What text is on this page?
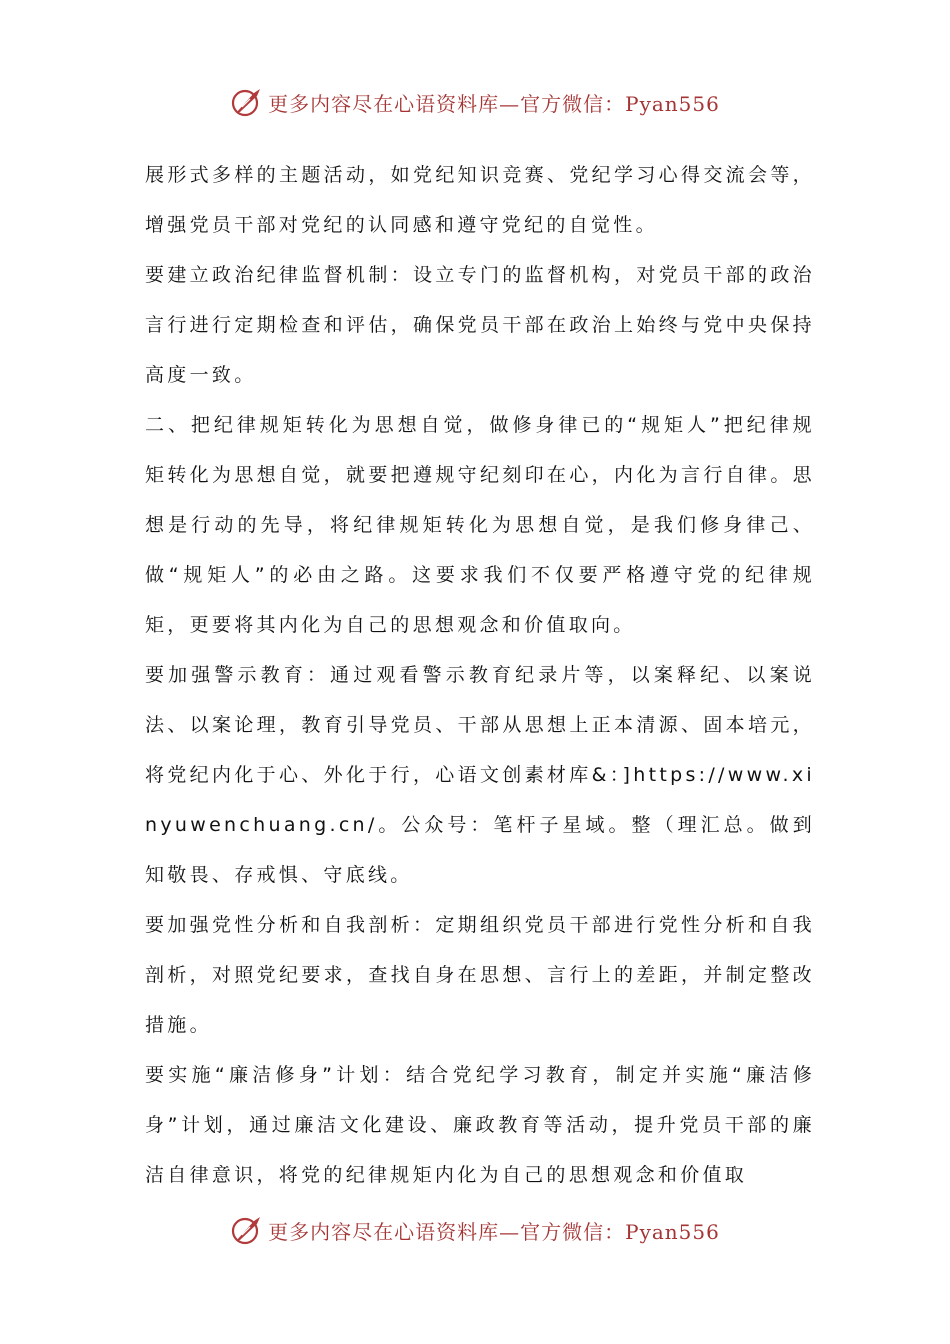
更多内容尽在心语资料库—官方微信：Pyan556

展形式多样的主题活动，如党纪知识竞赛、党纪学习心得交流会等，增强党员干部对党纪的认同感和遵守党纪的自觉性。

要建立政治纪律监督机制：设立专门的监督机构，对党员干部的政治言行进行定期检查和评估，确保党员干部在政治上始终与党中央保持高度一致。

二、把纪律规矩转化为思想自觉，做修身律已的“规矩人”把纪律规矩转化为思想自觉，就要把遵规守纪刻印在心，内化为言行自律。思想是行动的先导，将纪律规矩转化为思想自觉，是我们修身律己、做“规矩人”的必由之路。这要求我们不仅要严格遵守党的纪律规矩，更要将其内化为自己的思想观念和价值取向。

要加强警示教育：通过观看警示教育纪录片等，以案释纪、以案说法、以案论理，教育引导党员、干部从思想上正本清源、固本培元，将党纪内化于心、外化于行，心语文创素材库&：]https://www.xinyuwenchuang.cn/。公众号：笔杆子星域。整（理汇总。做到知敬畏、存戒惧、守底线。

要加强党性分析和自我剖析：定期组织党员干部进行党性分析和自我剖析，对照党纪要求，查找自身在思想、言行上的差距，并制定整改措施。

要实施“廉洁修身”计划：结合党纪学习教育，制定并实施“廉洁修身”计划，通过廉洁文化建设、廉政教育等活动，提升党员干部的廉洁自律意识，将党的纪律规矩内化为自己的思想观念和价值取

更多内容尽在心语资料库—官方微信：Pyan556
